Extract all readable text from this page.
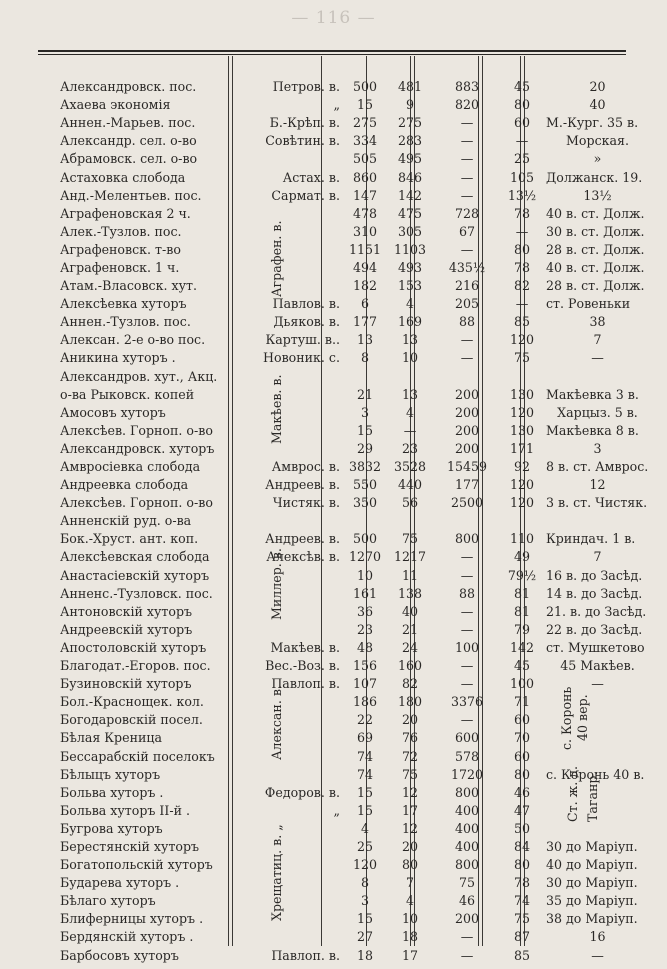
— 116 —
Александровск. пос.	Петров. в.	500	481	883	45	20
Ахаева экономія	„	15	9	820	80	40
Аннен.-Марьев. пос.	Б.-Крѣп. в.	275	275	—	60	М.-Кург. 35 в.
Александр. сел. о-во	Совѣтин. в.	334	283	—	—	Морская.
Абрамовск. сел. о-во		505	495	—	25	»
Астаховка слобода	Астах. в.	860	846	—	105	Должанск. 19.
Анд.-Мелентьев. пос.	Сармат. в.	147	142	—	13½	13½
Аграфеновская 2 ч.		478	475	728	78	40 в. ст. Долж.
Алек.-Тузлов. пос.		310	305	67	—	30 в. ст. Долж.
Аграфеновск. т-во		1151	1103	—	80	28 в. ст. Долж.
Аграфеновск. 1 ч.		494	493	435½	78	40 в. ст. Долж.
Атам.-Власовск. хут.		182	153	216	82	28 в. ст. Долж.
Алексѣевка хуторъ	Павлов. в.	6	4	205	—	ст. Ровеньки
Аннен.-Тузлов. пос.	Дьяков. в.	177	169	88	85	38
Алексан. 2-е о-во пос.	Картуш. в..	13	13	—	120	7
Аникина хуторъ .	Новоник. с.	8	10	—	75	—
Александров. хут., Акц.						
о-ва Рыковск. копей		21	13	200	130	Макѣевка 3 в.
Амосовъ хуторъ		3	4	200	120	Харцыз. 5 в.
Алексѣев. Горноп. о-во		15	—	200	130	Макѣевка 8 в.
Александровск. хуторъ		29	23	200	171	3
Амвросіевка слобода	Амврос. в.	3832	3528	15459	92	8 в. ст. Амврос.
Андреевка слобода	Андреев. в.	550	440	177	120	12
Алексѣев. Горноп. о-во	Чистяк. в.	350	56	2500	120	3 в. ст. Чистяк.
Анненскій руд. о-ва						
Бок.-Хруст. ант. коп.	Андреев. в.	500	75	800	110	Криндач. 1 в.
Алексѣевская слобода	Алексѣв. в.	1270	1217	—	49	7
Анастасіевскій хуторъ		10	11	—	79½	16 в. до Засѣд.
Анненс.-Тузловск. пос.		161	138	88	81	14 в. до Засѣд.
Антоновскій хуторъ		36	40	—	81	21. в. до Засѣд.
Андреевскій хуторъ		23	21	—	79	22 в. до Засѣд.
Апостоловскій хуторъ	Макѣев. в.	48	24	100	142	ст. Мушкетово
Благодат.-Егоров. пос.	Вес.-Воз. в.	156	160	—	45	45 Макѣев.
Бузиновскій хуторъ	Павлоп. в.	107	82	—	100	—
Бол.-Краснощек. кол.		186	180	3376	71	
Богодаровскій посел.		22	20	—	60	
Бѣлая Креница		69	76	600	70	
Бессарабскій поселокъ		74	72	578	60	
Бѣлыцъ хуторъ		74	75	1720	80	с. Коронь 40 в.
Больва хуторъ .	Федоров. в.	15	12	800	46	
Больва хуторъ II-й .	„	15	17	400	47	
Бугрова хуторъ		4	12	400	50	
Берестянскій хуторъ		25	20	400	84	30 до Маріуп.
Богатопольскій хуторъ		120	80	800	80	40 до Маріуп.
Бударева хуторъ .		8	7	75	78	30 до Маріуп.
Бѣлаго хуторъ		3	4	46	74	35 до Маріуп.
Блиферницы хуторъ .		15	10	200	75	38 до Маріуп.
Бердянскій хуторъ .		27	18	—	87	16
Барбосовъ хуторъ	Павлоп. в.	18	17	—	85	—
Аграфен. в.
Макѣев. в.
Миллер. в.
Алексан. в.
Хрещатиц. в. „
с. Коронь 40 вер.
Таганр.
Ст. ж. д.
